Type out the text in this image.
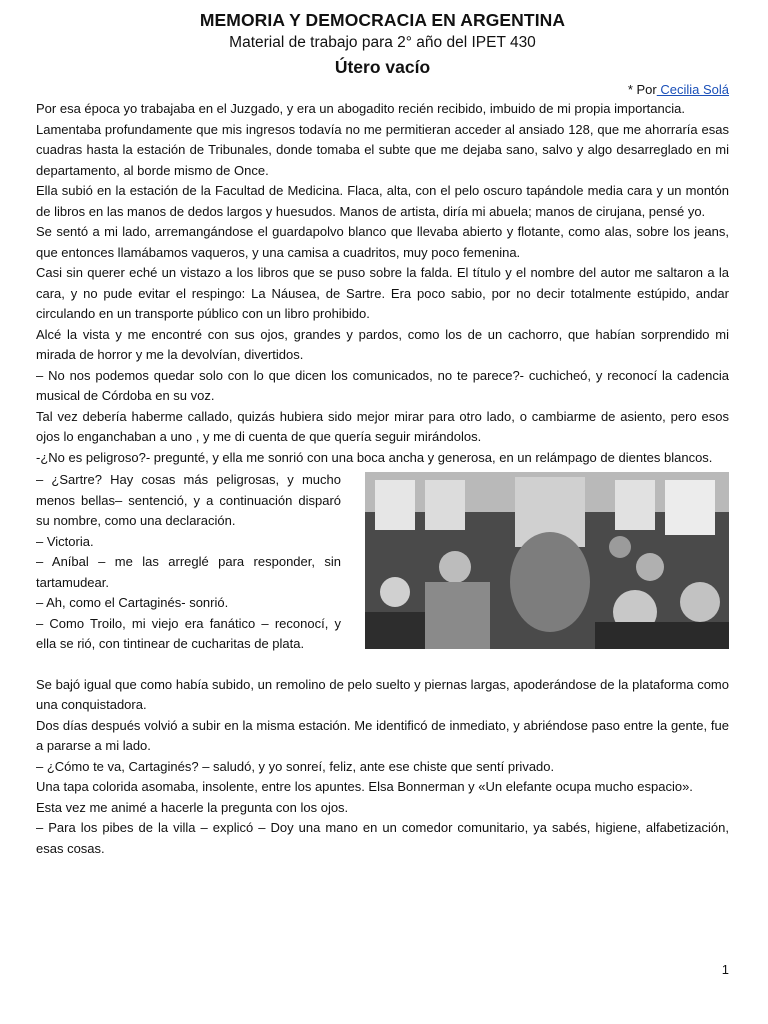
MEMORIA Y DEMOCRACIA EN ARGENTINA
Material de trabajo para 2° año del IPET 430
Útero vacío
* Por Cecilia Solá

Por esa época yo trabajaba en el Juzgado, y era un abogadito recién recibido, imbuido de mi propia importancia.

Lamentaba profundamente que mis ingresos todavía no me permitieran acceder al ansiado 128, que me ahorraría esas cuadras hasta la estación de Tribunales, donde tomaba el subte que me dejaba sano, salvo y algo desarreglado en mi departamento, al borde mismo de Once.

Ella subió en la estación de la Facultad de Medicina. Flaca, alta, con el pelo oscuro tapándole media cara y un montón de libros en las manos de dedos largos y huesudos. Manos de artista, diría mi abuela; manos de cirujana, pensé yo.

Se sentó a mi lado, arremangándose el guardapolvo blanco que llevaba abierto y flotante, como alas, sobre los jeans, que entonces llamábamos vaqueros, y una camisa a cuadritos, muy poco femenina.

Casi sin querer eché un vistazo a los libros que se puso sobre la falda. El título y el nombre del autor me saltaron a la cara, y no pude evitar el respingo: La Náusea, de Sartre. Era poco sabio, por no decir totalmente estúpido, andar circulando en un transporte público con un libro prohibido.

Alcé la vista y me encontré con sus ojos, grandes y pardos, como los de un cachorro, que habían sorprendido mi mirada de horror y me la devolvían, divertidos.

– No nos podemos quedar solo con lo que dicen los comunicados, no te parece?- cuchicheó, y reconocí la cadencia musical de Córdoba en su voz.

Tal vez debería haberme callado, quizás hubiera sido mejor mirar para otro lado, o cambiarme de asiento, pero esos ojos lo enganchaban a uno , y me di cuenta de que quería seguir mirándolos.

-¿No es peligroso?- pregunté, y ella me sonrió con una boca ancha y generosa, en un relámpago de dientes blancos.

– ¿Sartre? Hay cosas más peligrosas, y mucho menos bellas– sentenció, y a continuación disparó su nombre, como una declaración.

– Victoria.

– Aníbal – me las arreglé para responder, sin tartamudear.

– Ah, como el Cartaginés- sonrió.

– Como Troilo, mi viejo era fanático – reconocí, y ella se rió, con tintinear de cucharitas de plata.

Se bajó igual que como había subido, un remolino de pelo suelto y piernas largas, apoderándose de la plataforma como una conquistadora.

Dos días después volvió a subir en la misma estación. Me identificó de inmediato, y abriéndose paso entre la gente, fue a pararse a mi lado.

– ¿Cómo te va, Cartaginés? – saludó, y yo sonreí, feliz, ante ese chiste que sentí privado.

Una tapa colorida asomaba, insolente, entre los apuntes. Elsa Bonnerman y «Un elefante ocupa mucho espacio».

Esta vez me animé a hacerle la pregunta con los ojos.

– Para los pibes de la villa – explicó – Doy una mano en un comedor comunitario, ya sabés, higiene, alfabetización, esas cosas.

1
